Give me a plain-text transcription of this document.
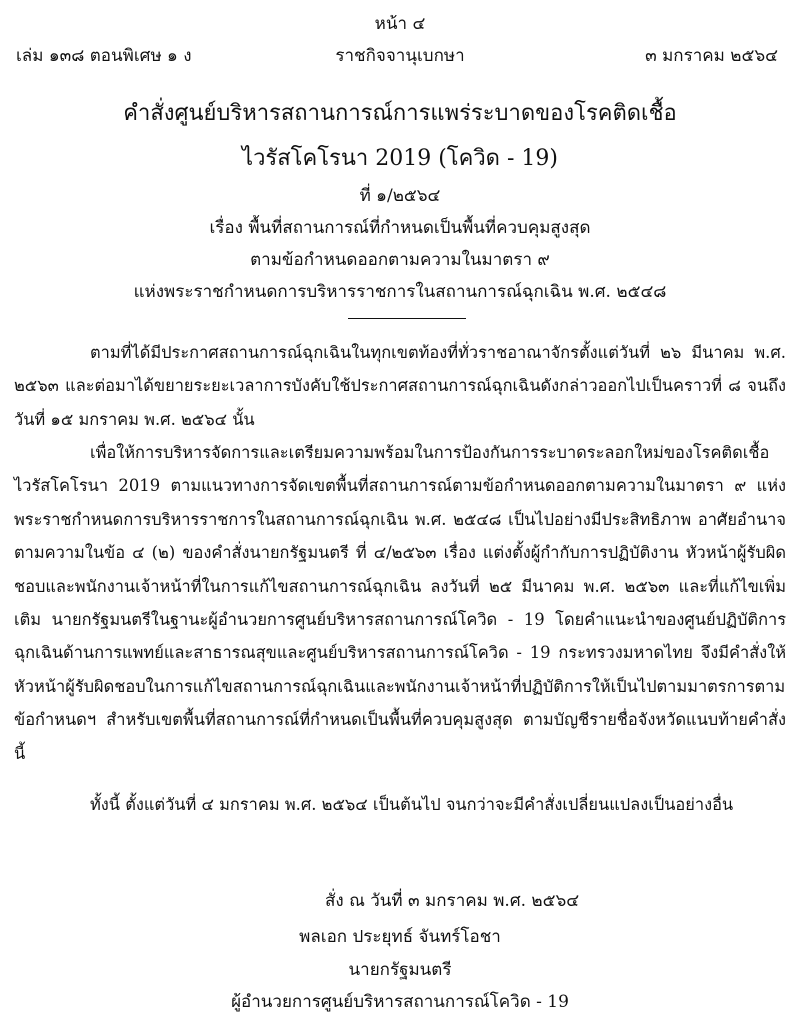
หน้า ๔
เล่ม ๑๓๘ ตอนพิเศษ ๑ ง	ราชกิจจานุเบกษา	๓ มกราคม ๒๕๖๔
คำสั่งศูนย์บริหารสถานการณ์การแพร่ระบาดของโรคติดเชื้อ
ไวรัสโคโรนา 2019 (โควิด - 19)
ที่ ๑/๒๕๖๔
เรื่อง พื้นที่สถานการณ์ที่กำหนดเป็นพื้นที่ควบคุมสูงสุด
ตามข้อกำหนดออกตามความในมาตรา ๙
แห่งพระราชกำหนดการบริหารราชการในสถานการณ์ฉุกเฉิน พ.ศ. ๒๕๔๘

ตามที่ได้มีประกาศสถานการณ์ฉุกเฉินในทุกเขตท้องที่ทั่วราชอาณาจักรตั้งแต่วันที่ ๒๖ มีนาคม พ.ศ. ๒๕๖๓ และต่อมาได้ขยายระยะเวลาการบังคับใช้ประกาศสถานการณ์ฉุกเฉินดังกล่าวออกไปเป็นคราวที่ ๘ จนถึงวันที่ ๑๕ มกราคม พ.ศ. ๒๕๖๔ นั้น

เพื่อให้การบริหารจัดการและเตรียมความพร้อมในการป้องกันการระบาดระลอกใหม่ของโรคติดเชื้อไวรัสโคโรนา 2019 ตามแนวทางการจัดเขตพื้นที่สถานการณ์ตามข้อกำหนดออกตามความในมาตรา ๙ แห่งพระราชกำหนดการบริหารราชการในสถานการณ์ฉุกเฉิน พ.ศ. ๒๕๔๘ เป็นไปอย่างมีประสิทธิภาพ อาศัยอำนาจตามความในข้อ ๔ (๒) ของคำสั่งนายกรัฐมนตรี ที่ ๔/๒๕๖๓ เรื่อง แต่งตั้งผู้กำกับการปฏิบัติงาน หัวหน้าผู้รับผิดชอบและพนักงานเจ้าหน้าที่ในการแก้ไขสถานการณ์ฉุกเฉิน ลงวันที่ ๒๕ มีนาคม พ.ศ. ๒๕๖๓ และที่แก้ไขเพิ่มเติม นายกรัฐมนตรีในฐานะผู้อำนวยการศูนย์บริหารสถานการณ์โควิด - 19 โดยคำแนะนำของศูนย์ปฏิบัติการฉุกเฉินด้านการแพทย์และสาธารณสุขและศูนย์บริหารสถานการณ์โควิด - 19 กระทรวงมหาดไทย จึงมีคำสั่งให้หัวหน้าผู้รับผิดชอบในการแก้ไขสถานการณ์ฉุกเฉินและพนักงานเจ้าหน้าที่ปฏิบัติการให้เป็นไปตามมาตรการตามข้อกำหนดฯ สำหรับเขตพื้นที่สถานการณ์ที่กำหนดเป็นพื้นที่ควบคุมสูงสุด ตามบัญชีรายชื่อจังหวัดแนบท้ายคำสั่งนี้

ทั้งนี้ ตั้งแต่วันที่ ๔ มกราคม พ.ศ. ๒๕๖๔ เป็นต้นไป จนกว่าจะมีคำสั่งเปลี่ยนแปลงเป็นอย่างอื่น

สั่ง ณ วันที่ ๓ มกราคม พ.ศ. ๒๕๖๔
พลเอก ประยุทธ์ จันทร์โอชา
นายกรัฐมนตรี
ผู้อำนวยการศูนย์บริหารสถานการณ์โควิด - 19
